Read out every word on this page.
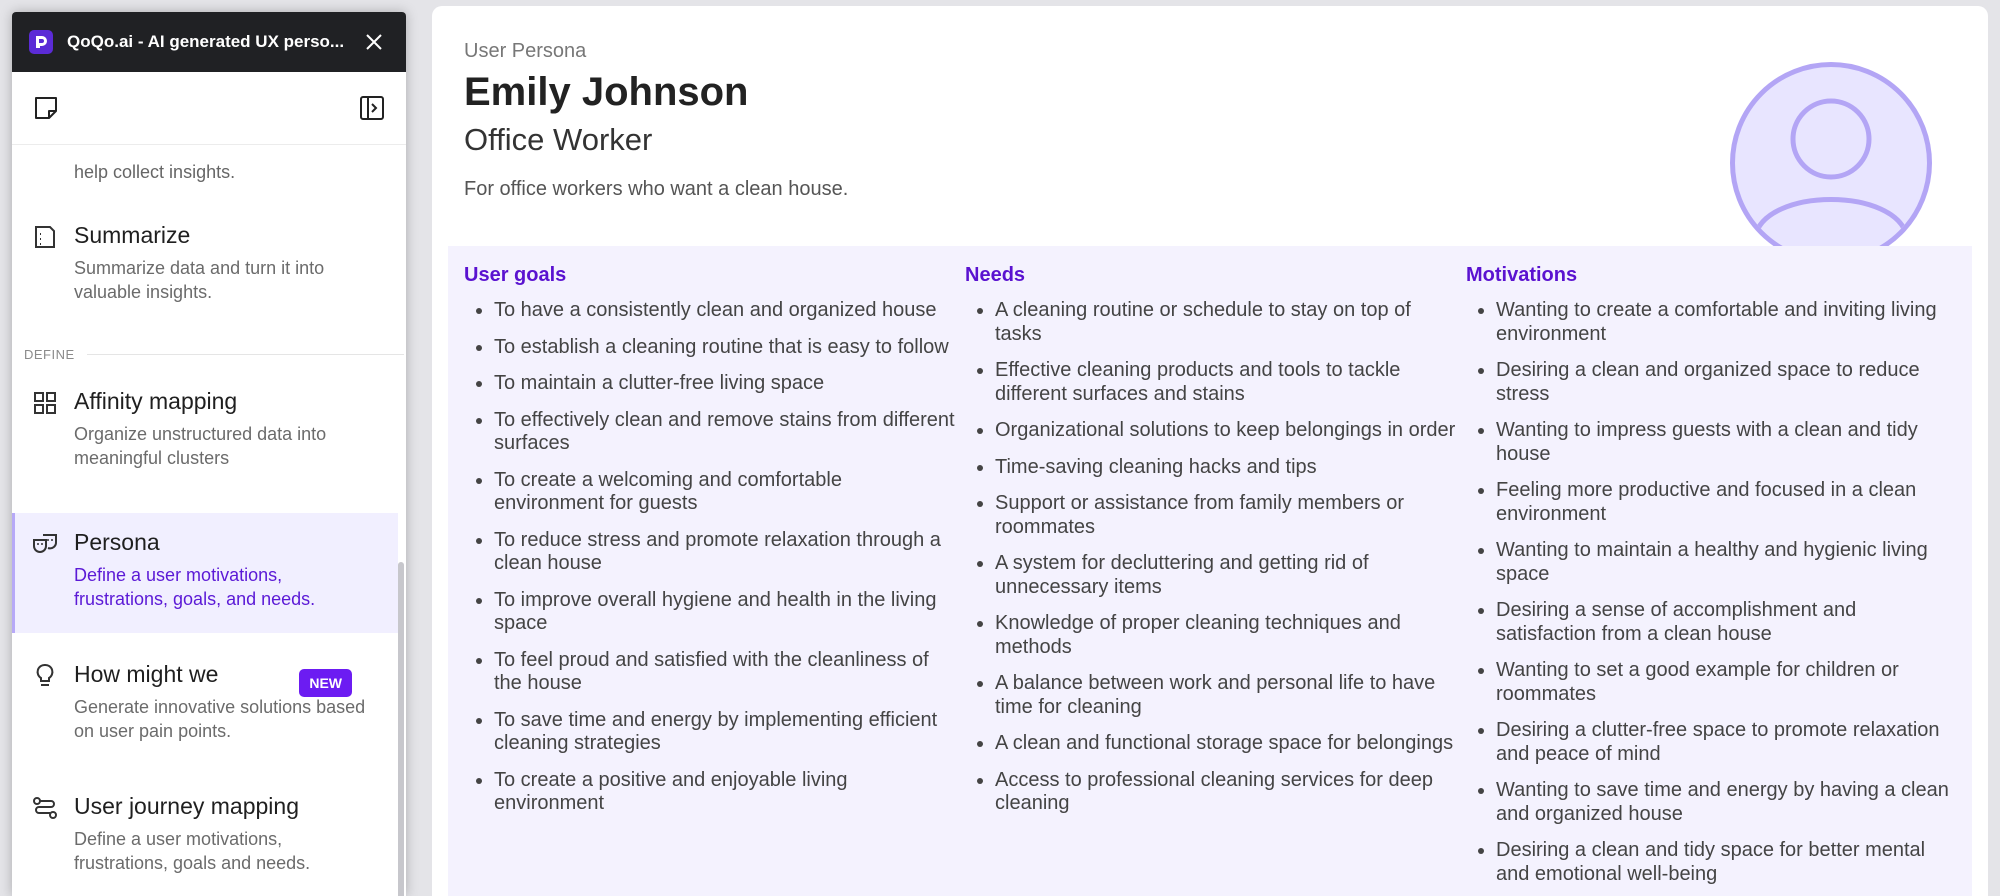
QoQo.ai - AI generated UX perso...
help collect insights.
Summarize
Summarize data and turn it into
valuable insights.
DEFINE
Affinity mapping
Organize unstructured data into
meaningful clusters
Persona
Define a user motivations,
frustrations, goals, and needs.
How might we	NEW
Generate innovative solutions based
on user pain points.
User journey mapping
Define a user motivations,
frustrations, goals and needs.
User Persona
Emily Johnson
Office Worker
For office workers who want a clean house.
User goals
To have a consistently clean and organized house
To establish a cleaning routine that is easy to follow
To maintain a clutter-free living space
To effectively clean and remove stains from different surfaces
To create a welcoming and comfortable environment for guests
To reduce stress and promote relaxation through a clean house
To improve overall hygiene and health in the living space
To feel proud and satisfied with the cleanliness of the house
To save time and energy by implementing efficient cleaning strategies
To create a positive and enjoyable living environment
Needs
A cleaning routine or schedule to stay on top of tasks
Effective cleaning products and tools to tackle different surfaces and stains
Organizational solutions to keep belongings in order
Time-saving cleaning hacks and tips
Support or assistance from family members or roommates
A system for decluttering and getting rid of unnecessary items
Knowledge of proper cleaning techniques and methods
A balance between work and personal life to have time for cleaning
A clean and functional storage space for belongings
Access to professional cleaning services for deep cleaning
Motivations
Wanting to create a comfortable and inviting living environment
Desiring a clean and organized space to reduce stress
Wanting to impress guests with a clean and tidy house
Feeling more productive and focused in a clean environment
Wanting to maintain a healthy and hygienic living space
Desiring a sense of accomplishment and satisfaction from a clean house
Wanting to set a good example for children or roommates
Desiring a clutter-free space to promote relaxation and peace of mind
Wanting to save time and energy by having a clean and organized house
Desiring a clean and tidy space for better mental and emotional well-being
